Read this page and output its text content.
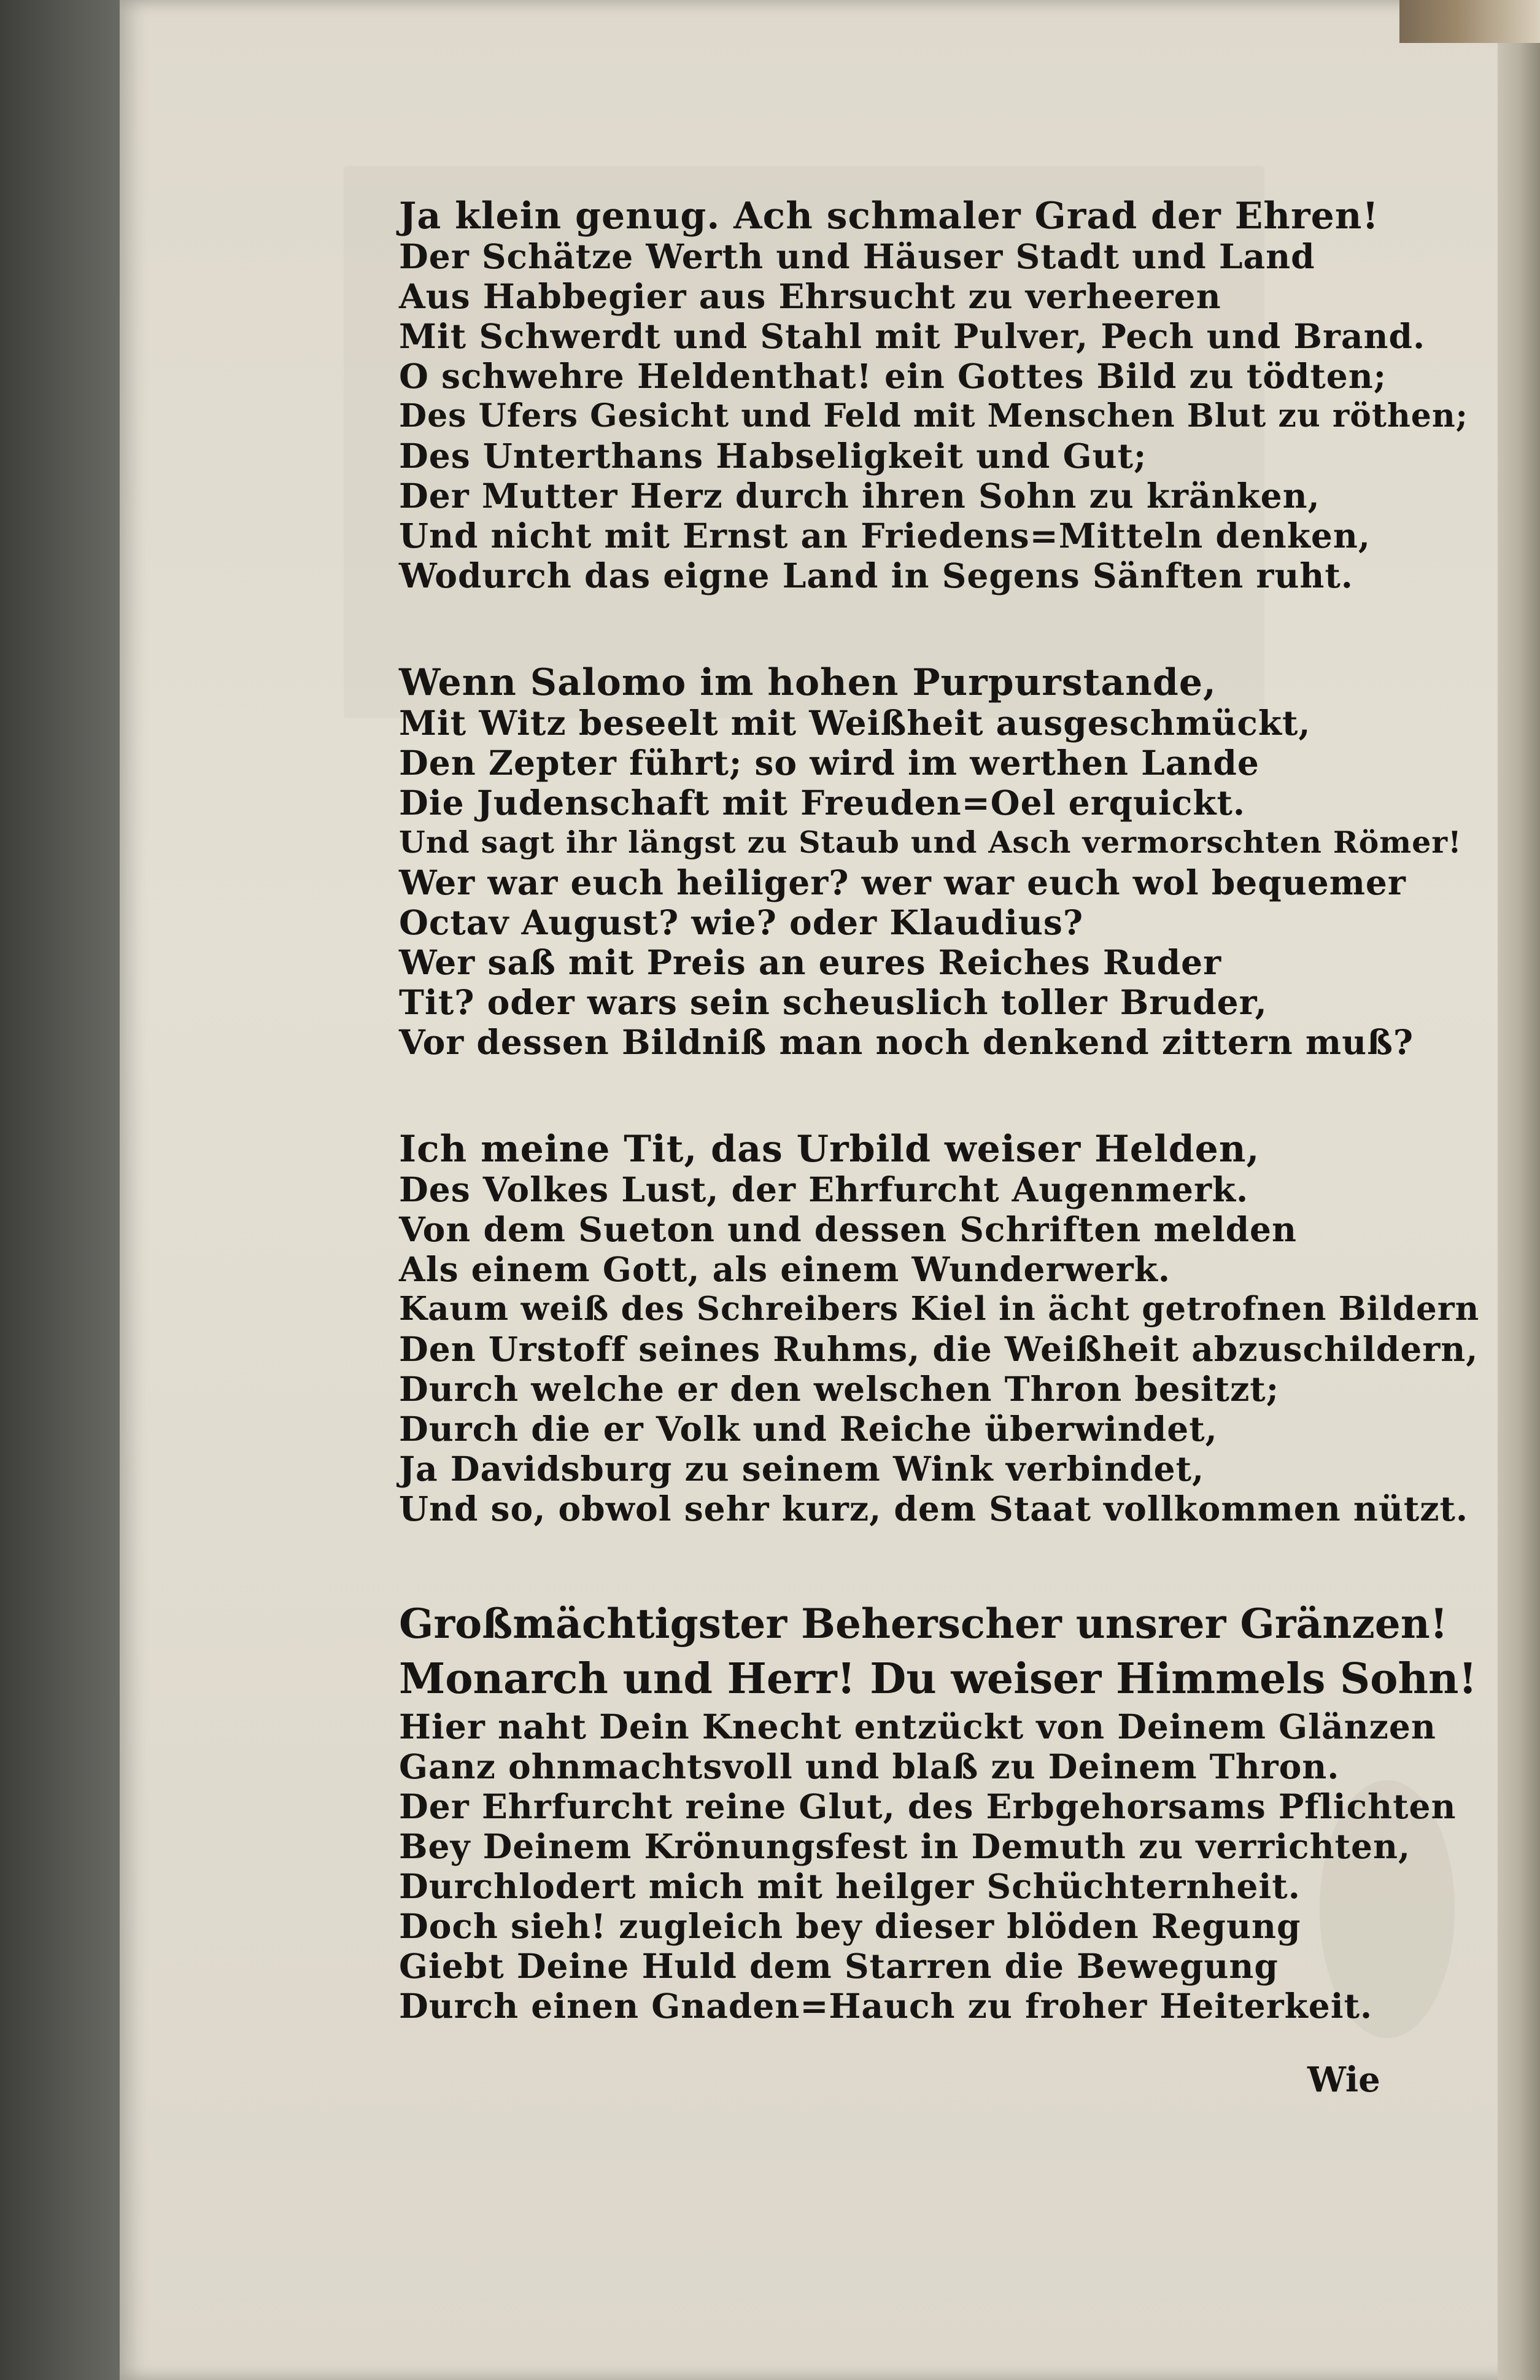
Ja klein genug. Ach schmaler Grad der Ehren!
Der Schätze Werth und Häuser Stadt und Land
Aus Habbegier aus Ehrsucht zu verheeren
Mit Schwerdt und Stahl mit Pulver, Pech und Brand.
O schwehre Heldenthat! ein Gottes Bild zu tödten;
Des Ufers Gesicht und Feld mit Menschen Blut zu röthen;
Des Unterthans Habseligkeit und Gut;
Der Mutter Herz durch ihren Sohn zu kränken,
Und nicht mit Ernst an Friedens=Mitteln denken,
Wodurch das eigne Land in Segens Sänften ruht.
Wenn Salomo im hohen Purpurstande,
Mit Witz beseelt mit Weißheit ausgeschmückt,
Den Zepter führt; so wird im werthen Lande
Die Judenschaft mit Freuden=Oel erquickt.
Und sagt ihr längst zu Staub und Asch vermorschten Römer!
Wer war euch heiliger? wer war euch wol bequemer
Octav August? wie? oder Klaudius?
Wer saß mit Preis an eures Reiches Ruder
Tit? oder wars sein scheuslich toller Bruder,
Vor dessen Bildniß man noch denkend zittern muß?
Ich meine Tit, das Urbild weiser Helden,
Des Volkes Lust, der Ehrfurcht Augenmerk.
Von dem Sueton und dessen Schriften melden
Als einem Gott, als einem Wunderwerk.
Kaum weiß des Schreibers Kiel in ächt getrofnen Bildern
Den Urstoff seines Ruhms, die Weißheit abzuschildern,
Durch welche er den welschen Thron besitzt;
Durch die er Volk und Reiche überwindet,
Ja Davidsburg zu seinem Wink verbindet,
Und so, obwol sehr kurz, dem Staat vollkommen nützt.
Großmächtigster Beherscher unsrer Gränzen!
Monarch und Herr! Du weiser Himmels Sohn!
Hier naht Dein Knecht entzückt von Deinem Glänzen
Ganz ohnmachtsvoll und blaß zu Deinem Thron.
Der Ehrfurcht reine Glut, des Erbgehorsams Pflichten
Bey Deinem Krönungsfest in Demuth zu verrichten,
Durchlodert mich mit heilger Schüchternheit.
Doch sieh! zugleich bey dieser blöden Regung
Giebt Deine Huld dem Starren die Bewegung
Durch einen Gnaden=Hauch zu froher Heiterkeit.
Wie
